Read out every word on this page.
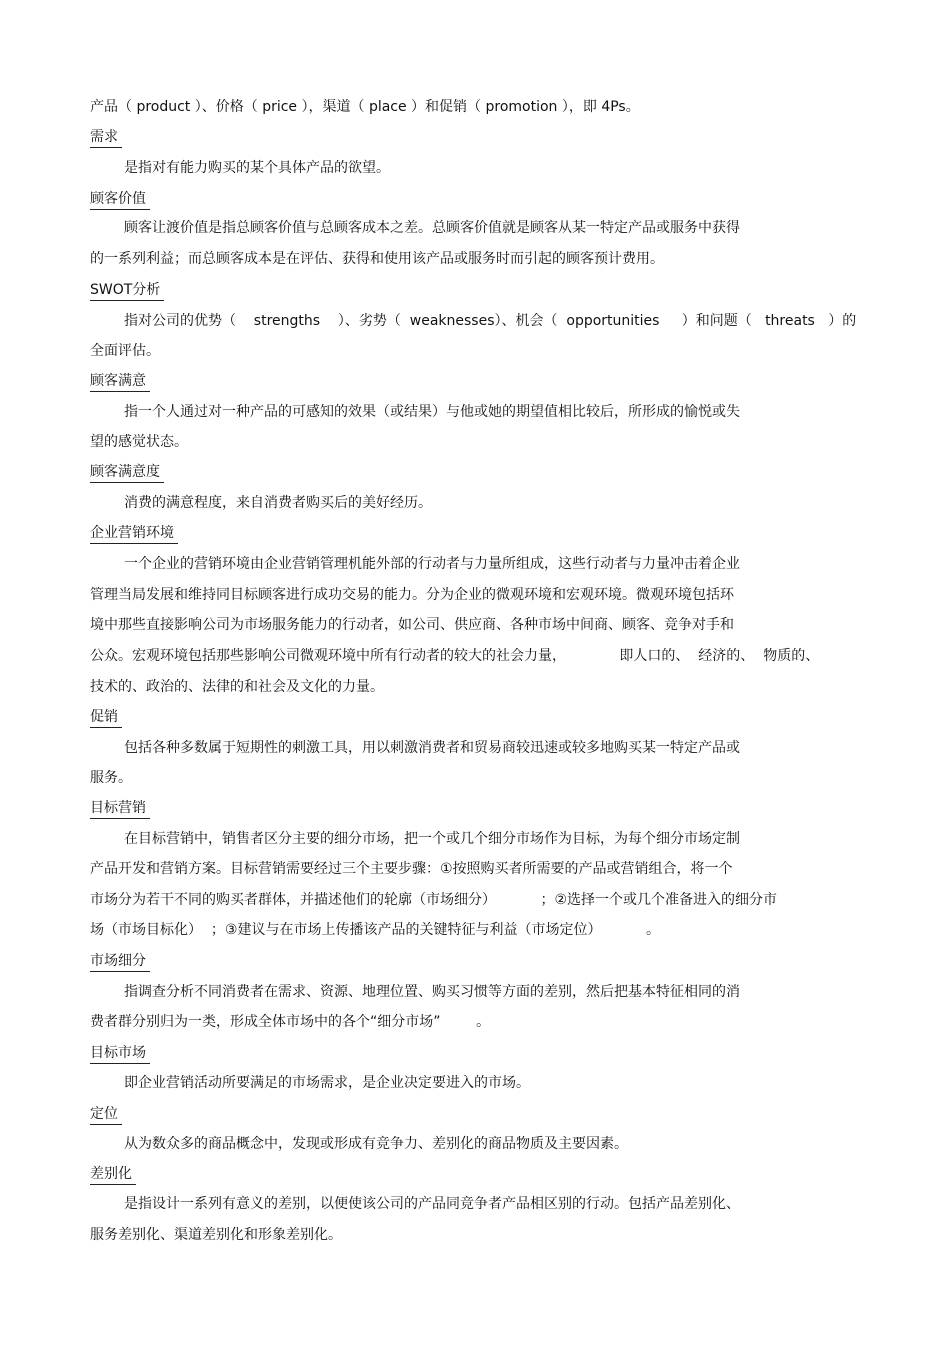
产品（ product ）、价格（ price ），渠道（ place ）和促销（ promotion ），即 4Ps。
需求
是指对有能力购买的某个具体产品的欲望。
顾客价值
顾客让渡价值是指总顾客价值与总顾客成本之差。总顾客价值就是顾客从某一特定产品或服务中获得
的一系列利益；而总顾客成本是在评估、获得和使用该产品或服务时而引起的顾客预计费用。
SWOT分析
指对公司的优势（    strengths    ）、劣势（  weaknesses）、机会（  opportunities     ）和问题（   threats   ）的
全面评估。
顾客满意
指一个人通过对一种产品的可感知的效果（或结果）与他或她的期望值相比较后，所形成的愉悦或失
望的感觉状态。
顾客满意度
消费的满意程度，来自消费者购买后的美好经历。
企业营销环境
一个企业的营销环境由企业营销管理机能外部的行动者与力量所组成，这些行动者与力量冲击着企业
管理当局发展和维持同目标顾客进行成功交易的能力。分为企业的微观环境和宏观环境。微观环境包括环
境中那些直接影响公司为市场服务能力的行动者，如公司、供应商、各种市场中间商、顾客、竞争对手和
公众。宏观环境包括那些影响公司微观环境中所有行动者的较大的社会力量，            即人口的、  经济的、  物质的、
技术的、政治的、法律的和社会及文化的力量。
促销
包括各种多数属于短期性的刺激工具，用以刺激消费者和贸易商较迅速或较多地购买某一特定产品或
服务。
目标营销
在目标营销中，销售者区分主要的细分市场，把一个或几个细分市场作为目标，为每个细分市场定制
产品开发和营销方案。目标营销需要经过三个主要步骤：①按照购买者所需要的产品或营销组合，将一个
市场分为若干不同的购买者群体，并描述他们的轮廓（市场细分）          ；②选择一个或几个准备进入的细分市
场（市场目标化）  ；③建议与在市场上传播该产品的关键特征与利益（市场定位）          。
市场细分
指调查分析不同消费者在需求、资源、地理位置、购买习惯等方面的差别，然后把基本特征相同的消
费者群分别归为一类，形成全体市场中的各个“细分市场”        。
目标市场
即企业营销活动所要满足的市场需求，是企业决定要进入的市场。
定位
从为数众多的商品概念中，发现或形成有竞争力、差别化的商品物质及主要因素。
差别化
是指设计一系列有意义的差别，以便使该公司的产品同竞争者产品相区别的行动。包括产品差别化、
服务差别化、渠道差别化和形象差别化。
